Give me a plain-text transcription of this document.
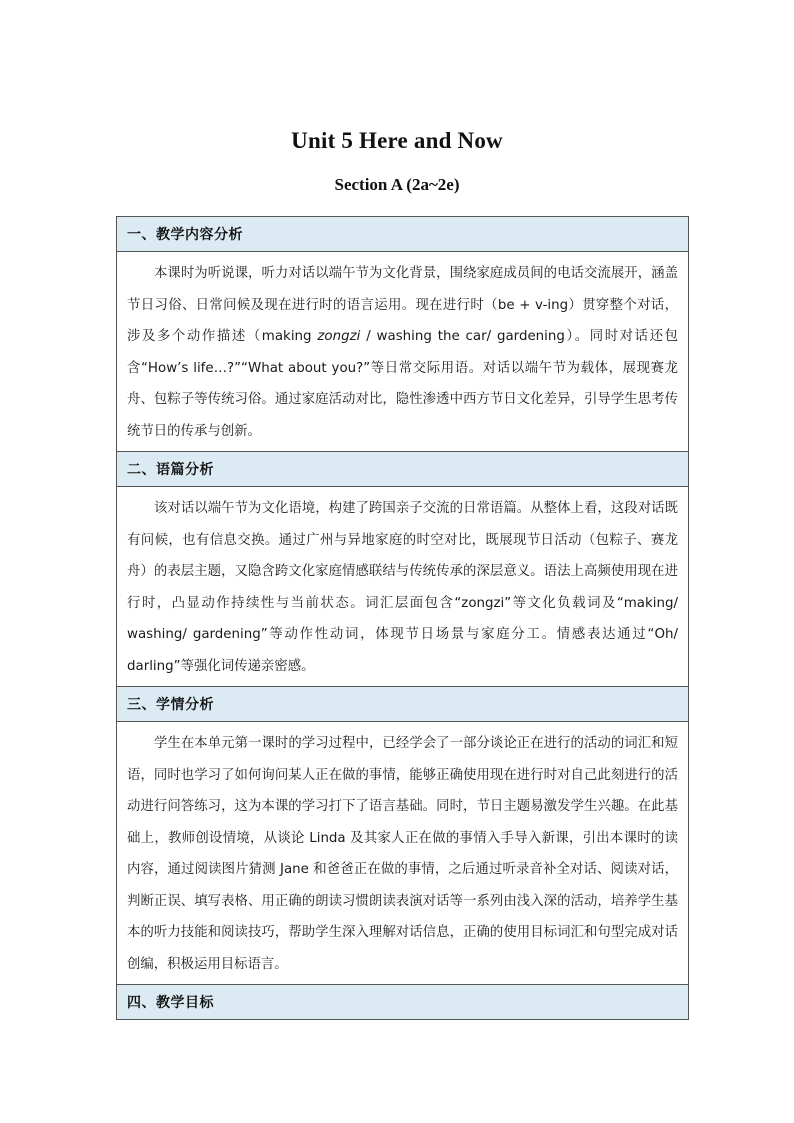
Unit 5 Here and Now
Section A (2a~2e)
一、教学内容分析
本课时为听说课，听力对话以端午节为文化背景，围绕家庭成员间的电话交流展开，涵盖节日习俗、日常问候及现在进行时的语言运用。现在进行时（be + v-ing）贯穿整个对话，涉及多个动作描述（making zongzi / washing the car/ gardening）。同时对话还包含“How’s life…?”“What about you?”等日常交际用语。对话以端午节为载体，展现赛龙舟、包粽子等传统习俗。通过家庭活动对比，隐性渗透中西方节日文化差异，引导学生思考传统节日的传承与创新。
二、语篇分析
该对话以端午节为文化语境，构建了跨国亲子交流的日常语篇。从整体上看，这段对话既有问候，也有信息交换。通过广州与异地家庭的时空对比，既展现节日活动（包粽子、赛龙舟）的表层主题，又隐含跨文化家庭情感联结与传统传承的深层意义。语法上高频使用现在进行时，凸显动作持续性与当前状态。词汇层面包含“zongzi”等文化负载词及“making/ washing/ gardening”等动作性动词，体现节日场景与家庭分工。情感表达通过“Oh/ darling”等强化词传递亲密感。
三、学情分析
学生在本单元第一课时的学习过程中，已经学会了一部分谈论正在进行的活动的词汇和短语，同时也学习了如何询问某人正在做的事情，能够正确使用现在进行时对自己此刻进行的活动进行问答练习，这为本课的学习打下了语言基础。同时，节日主题易激发学生兴趣。在此基础上，教师创设情境，从谈论 Linda 及其家人正在做的事情入手导入新课，引出本课时的读内容，通过阅读图片猜测 Jane 和爸爸正在做的事情，之后通过听录音补全对话、阅读对话，判断正误、填写表格、用正确的朗读习惯朗读表演对话等一系列由浅入深的活动，培养学生基本的听力技能和阅读技巧，帮助学生深入理解对话信息，正确的使用目标词汇和句型完成对话创编，积极运用目标语言。
四、教学目标
